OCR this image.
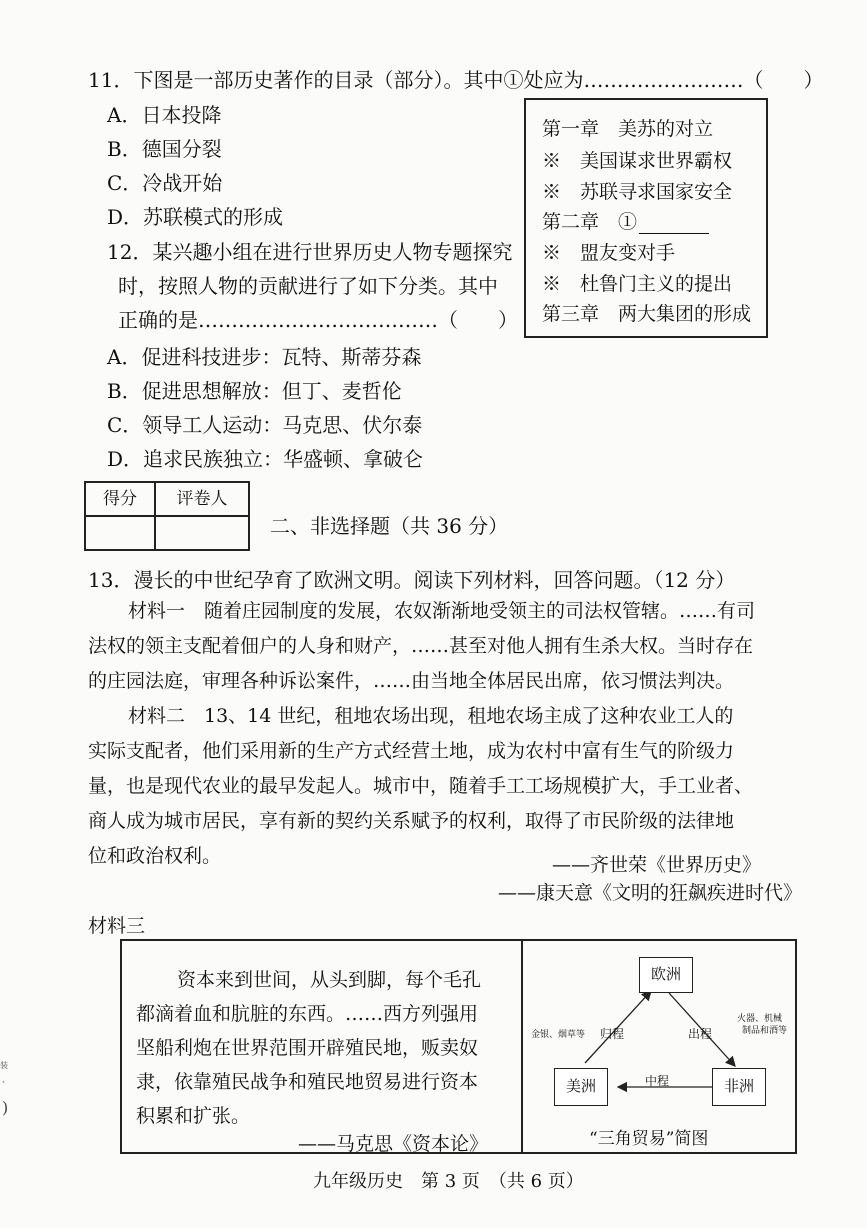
11．下图是一部历史著作的目录（部分）。其中①处应为……………………（　　）
A．日本投降
B．德国分裂
C．冷战开始
D．苏联模式的形成
第一章　美苏的对立
※　美国谋求世界霸权
※　苏联寻求国家安全
第二章　①
※　盟友变对手
※　杜鲁门主义的提出
第三章　两大集团的形成
12．某兴趣小组在进行世界历史人物专题探究
时，按照人物的贡献进行了如下分类。其中
正确的是………………………………（　　）
A．促进科技进步：瓦特、斯蒂芬森
B．促进思想解放：但丁、麦哲伦
C．领导工人运动：马克思、伏尔泰
D．追求民族独立：华盛顿、拿破仑
得分	评卷人
二、非选择题（共 36 分）
13．漫长的中世纪孕育了欧洲文明。阅读下列材料，回答问题。（12 分）
材料一　随着庄园制度的发展，农奴渐渐地受领主的司法权管辖。……有司
法权的领主支配着佃户的人身和财产，……甚至对他人拥有生杀大权。当时存在
的庄园法庭，审理各种诉讼案件，……由当地全体居民出席，依习惯法判决。
材料二　13、14 世纪，租地农场出现，租地农场主成了这种农业工人的
实际支配者，他们采用新的生产方式经营土地，成为农村中富有生气的阶级力
量，也是现代农业的最早发起人。城市中，随着手工工场规模扩大，手工业者、
商人成为城市居民，享有新的契约关系赋予的权利，取得了市民阶级的法律地
位和政治权利。	——齐世荣《世界历史》
——康天意《文明的狂飙疾进时代》
材料三
资本来到世间，从头到脚，每个毛孔
都滴着血和肮脏的东西。……西方列强用
坚船利炮在世界范围开辟殖民地，贩卖奴
隶，依靠殖民战争和殖民地贸易进行资本
积累和扩张。
——马克思《资本论》
欧洲
美洲	非洲
金银、烟草等 归程	出程
火器、机械
制品和酒等
中程
“三角贸易”简图
九年级历史　第 3 页　（共 6 页）
装
、
)
